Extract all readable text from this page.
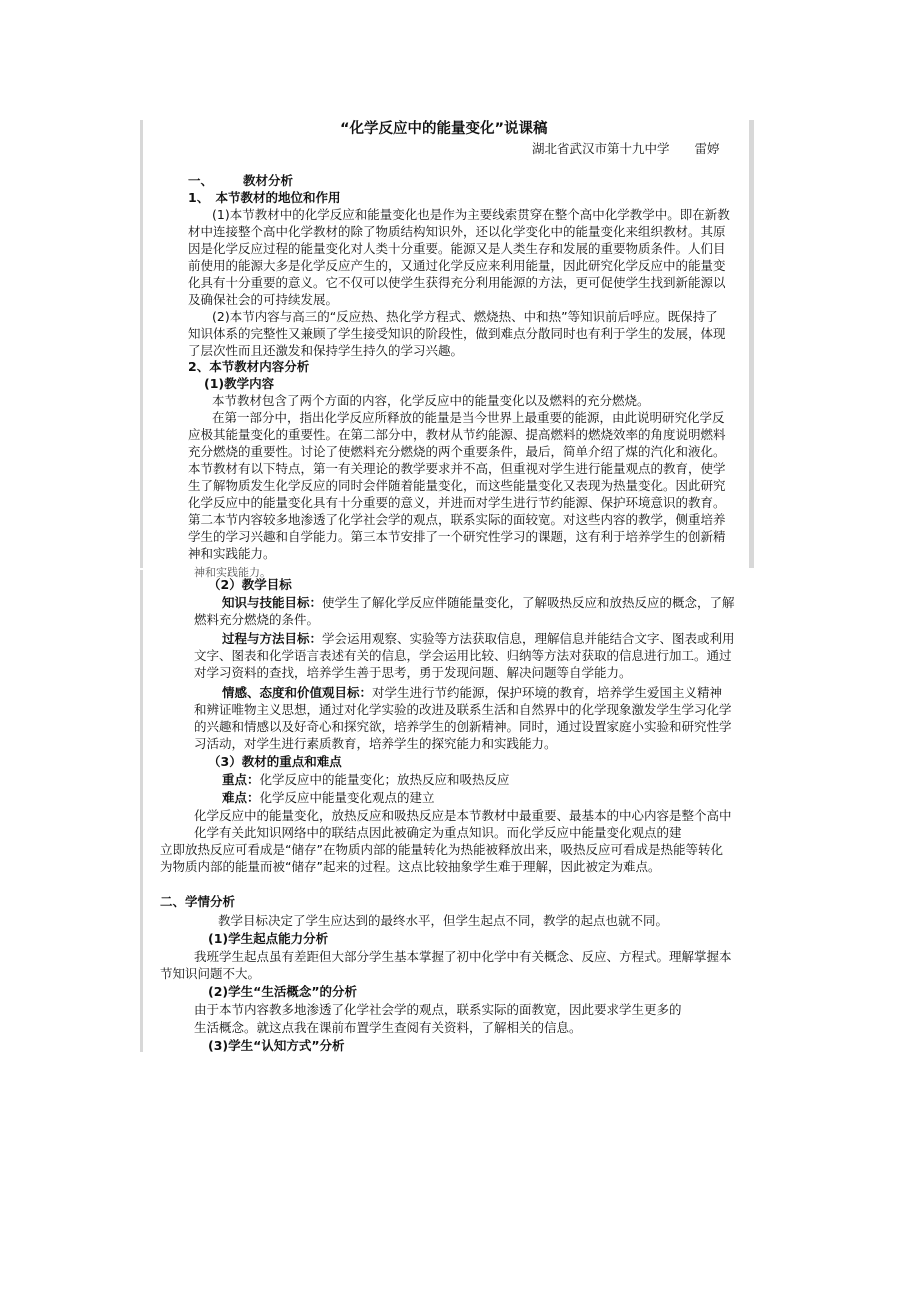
“化学反应中的能量变化”说课稿
湖北省武汉市第十九中学　　雷婷
一、 教材分析
1、　本节教材的地位和作用
(1)本节教材中的化学反应和能量变化也是作为主要线索贯穿在整个高中化学教学中。即在新教
材中连接整个高中化学教材的除了物质结构知识外，还以化学变化中的能量变化来组织教材。其原
因是化学反应过程的能量变化对人类十分重要。能源又是人类生存和发展的重要物质条件。人们目
前使用的能源大多是化学反应产生的，又通过化学反应来利用能量，因此研究化学反应中的能量变
化具有十分重要的意义。它不仅可以使学生获得充分利用能源的方法，更可促使学生找到新能源以
及确保社会的可持续发展。
(2)本节内容与高三的“反应热、热化学方程式、燃烧热、中和热”等知识前后呼应。既保持了
知识体系的完整性又兼顾了学生接受知识的阶段性，做到难点分散同时也有利于学生的发展，体现
了层次性而且还激发和保持学生持久的学习兴趣。
2、本节教材内容分析
(1)教学内容
本节教材包含了两个方面的内容，化学反应中的能量变化以及燃料的充分燃烧。
在第一部分中，指出化学反应所释放的能量是当今世界上最重要的能源，由此说明研究化学反
应极其能量变化的重要性。在第二部分中，教材从节约能源、提高燃料的燃烧效率的角度说明燃料
充分燃烧的重要性。讨论了使燃料充分燃烧的两个重要条件，最后，简单介绍了煤的汽化和液化。
本节教材有以下特点，第一有关理论的教学要求并不高，但重视对学生进行能量观点的教育，使学
生了解物质发生化学反应的同时会伴随着能量变化，而这些能量变化又表现为热量变化。因此研究
化学反应中的能量变化具有十分重要的意义，并进而对学生进行节约能源、保护环境意识的教育。
第二本节内容较多地渗透了化学社会学的观点，联系实际的面较宽。对这些内容的教学，侧重培养
学生的学习兴趣和自学能力。第三本节安排了一个研究性学习的课题，这有利于培养学生的创新精
神和实践能力。
神和实践能力。
（2）教学目标
知识与技能目标：使学生了解化学反应伴随能量变化，了解吸热反应和放热反应的概念，了解
燃料充分燃烧的条件。
过程与方法目标：学会运用观察、实验等方法获取信息，理解信息并能结合文字、图表或利用
文字、图表和化学语言表述有关的信息，学会运用比较、归纳等方法对获取的信息进行加工。通过
对学习资料的查找，培养学生善于思考，勇于发现问题、解决问题等自学能力。
情感、态度和价值观目标：对学生进行节约能源，保护环境的教育，培养学生爱国主义精神
和辨证唯物主义思想，通过对化学实验的改进及联系生活和自然界中的化学现象激发学生学习化学
的兴趣和情感以及好奇心和探究欲，培养学生的创新精神。同时，通过设置家庭小实验和研究性学
习活动，对学生进行素质教育，培养学生的探究能力和实践能力。
（3）教材的重点和难点
重点：化学反应中的能量变化；放热反应和吸热反应
难点：化学反应中能量变化观点的建立
化学反应中的能量变化，放热反应和吸热反应是本节教材中最重要、最基本的中心内容是整个高中
化学有关此知识网络中的联结点因此被确定为重点知识。而化学反应中能量变化观点的建
立即放热反应可看成是“储存”在物质内部的能量转化为热能被释放出来，吸热反应可看成是热能等转化
为物质内部的能量而被“储存”起来的过程。这点比较抽象学生难于理解，因此被定为难点。
二、学情分析
教学目标决定了学生应达到的最终水平，但学生起点不同，教学的起点也就不同。
(1)学生起点能力分析
我班学生起点虽有差距但大部分学生基本掌握了初中化学中有关概念、反应、方程式。理解掌握本
节知识问题不大。
(2)学生“生活概念”的分析
由于本节内容教多地渗透了化学社会学的观点，联系实际的面教宽，因此要求学生更多的
生活概念。就这点我在课前布置学生查阅有关资料，了解相关的信息。
(3)学生“认知方式”分析
